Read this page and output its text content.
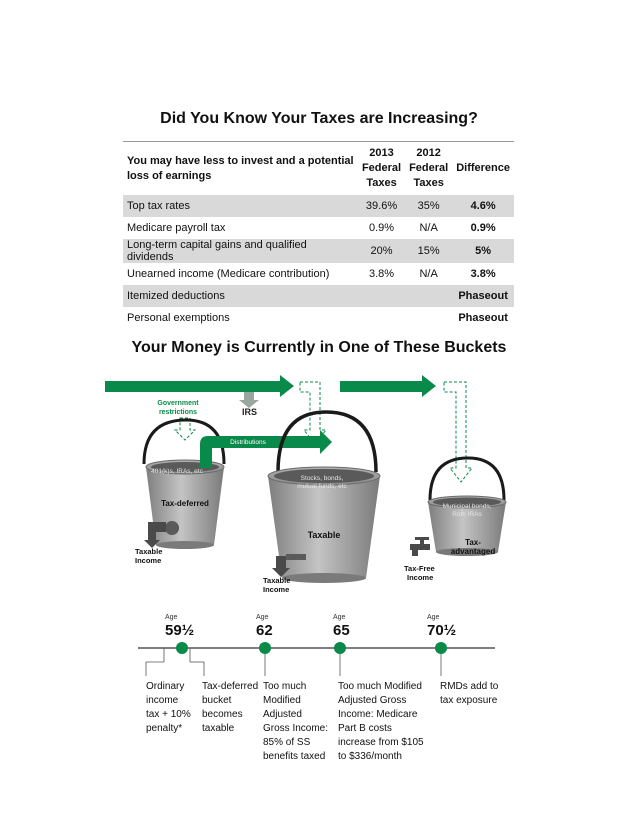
Did You Know Your Taxes are Increasing?
You may have less to invest and a potential loss of earnings	2013 Federal Taxes	2012 Federal Taxes	Difference
Top tax rates	39.6%	35%	4.6%
Medicare payroll tax	0.9%	N/A	0.9%
Long-term capital gains and qualified dividends	20%	15%	5%
Unearned income (Medicare contribution)	3.8%	N/A	3.8%
Itemized deductions			Phaseout
Personal exemptions			Phaseout
Your Money is Currently in One of These Buckets
Government
restrictions	IRS
401(k)s, IRAs, etc
Tax-deferred
Taxable
Income
Distributions
Stocks, bonds,
mutual funds, etc
Taxable
Taxable
Income
Municipal bonds,
Roth IRAs
Tax-
advantaged
Tax-Free
Income
Age
59½
Age
62
Age
65
Age
70½
Ordinary
income
tax + 10%
penalty*
Tax-deferred
bucket
becomes
taxable
Too much
Modified
Adjusted
Gross Income:
85% of SS
benefits taxed
Too much Modified
Adjusted Gross
Income: Medicare
Part B costs
increase from $105
to $336/month
RMDs add to
tax exposure
